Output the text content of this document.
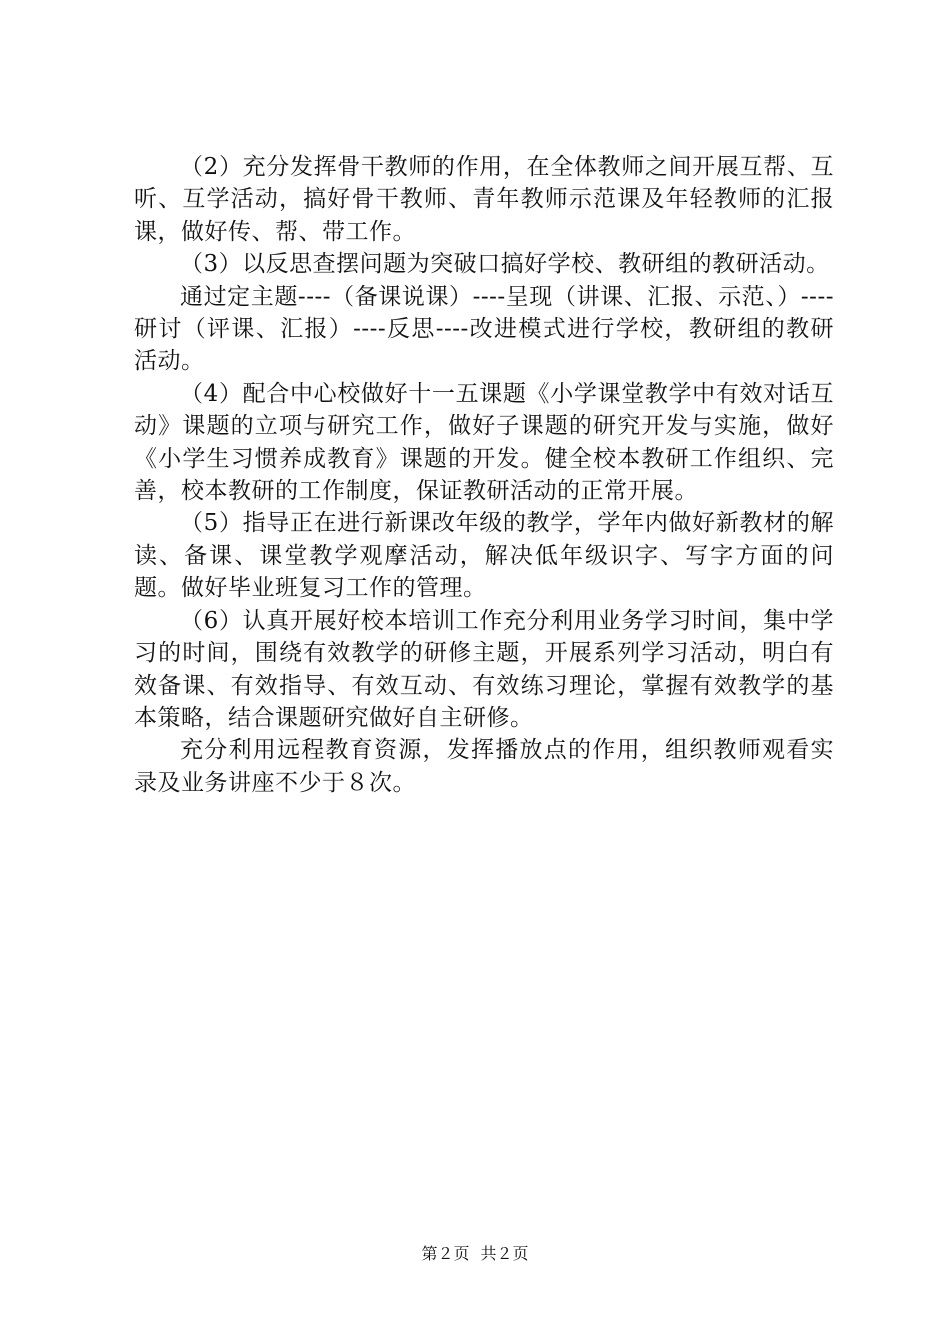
（2）充分发挥骨干教师的作用，在全体教师之间开展互帮、互听、互学活动，搞好骨干教师、青年教师示范课及年轻教师的汇报课，做好传、帮、带工作。

（3）以反思查摆问题为突破口搞好学校、教研组的教研活动。

通过定主题----（备课说课）----呈现（讲课、汇报、示范、）----研讨（评课、汇报）----反思----改进模式进行学校，教研组的教研活动。

（4）配合中心校做好十一五课题《小学课堂教学中有效对话互动》课题的立项与研究工作，做好子课题的研究开发与实施，做好《小学生习惯养成教育》课题的开发。健全校本教研工作组织、完善，校本教研的工作制度，保证教研活动的正常开展。

（5）指导正在进行新课改年级的教学，学年内做好新教材的解读、备课、课堂教学观摩活动，解决低年级识字、写字方面的问题。做好毕业班复习工作的管理。

（6）认真开展好校本培训工作充分利用业务学习时间，集中学习的时间，围绕有效教学的研修主题，开展系列学习活动，明白有效备课、有效指导、有效互动、有效练习理论，掌握有效教学的基本策略，结合课题研究做好自主研修。

充分利用远程教育资源，发挥播放点的作用，组织教师观看实录及业务讲座不少于８次。

第２页 共２页
